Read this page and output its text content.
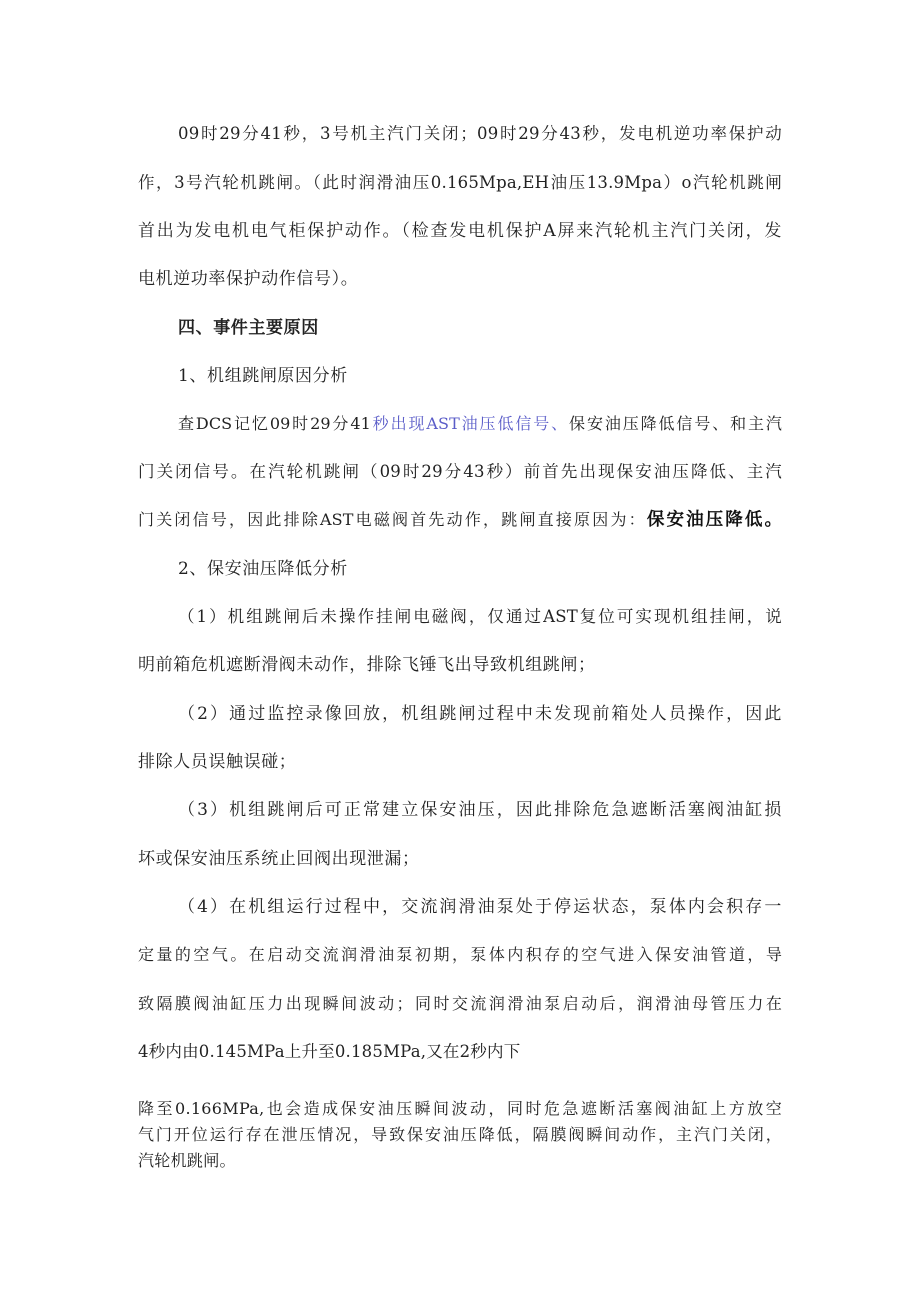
09时29分41秒，3号机主汽门关闭；09时29分43秒，发电机逆功率保护动

作，3号汽轮机跳闸。（此时润滑油压0.165Mpa,EH油压13.9Mpa）o汽轮机跳闸

首出为发电机电气柜保护动作。（检查发电机保护A屏来汽轮机主汽门关闭，发

电机逆功率保护动作信号）。

四、事件主要原因

1、机组跳闸原因分析

查DCS记忆09时29分41秒出现AST油压低信号、保安油压降低信号、和主汽

门关闭信号。在汽轮机跳闸（09时29分43秒）前首先出现保安油压降低、主汽

门关闭信号，因此排除AST电磁阀首先动作，跳闸直接原因为：保安油压降低。

2、保安油压降低分析

（1）机组跳闸后未操作挂闸电磁阀，仅通过AST复位可实现机组挂闸，说

明前箱危机遮断滑阀未动作，排除飞锤飞出导致机组跳闸；

（2）通过监控录像回放，机组跳闸过程中未发现前箱处人员操作，因此

排除人员误触误碰；

（3）机组跳闸后可正常建立保安油压，因此排除危急遮断活塞阀油缸损

坏或保安油压系统止回阀出现泄漏；

（4）在机组运行过程中，交流润滑油泵处于停运状态，泵体内会积存一

定量的空气。在启动交流润滑油泵初期，泵体内积存的空气进入保安油管道，导

致隔膜阀油缸压力出现瞬间波动；同时交流润滑油泵启动后，润滑油母管压力在

4秒内由0.145MPa上升至0.185MPa,又在2秒内下

降至0.166MPa,也会造成保安油压瞬间波动，同时危急遮断活塞阀油缸上方放空

气门开位运行存在泄压情况，导致保安油压降低，隔膜阀瞬间动作，主汽门关闭，

汽轮机跳闸。
